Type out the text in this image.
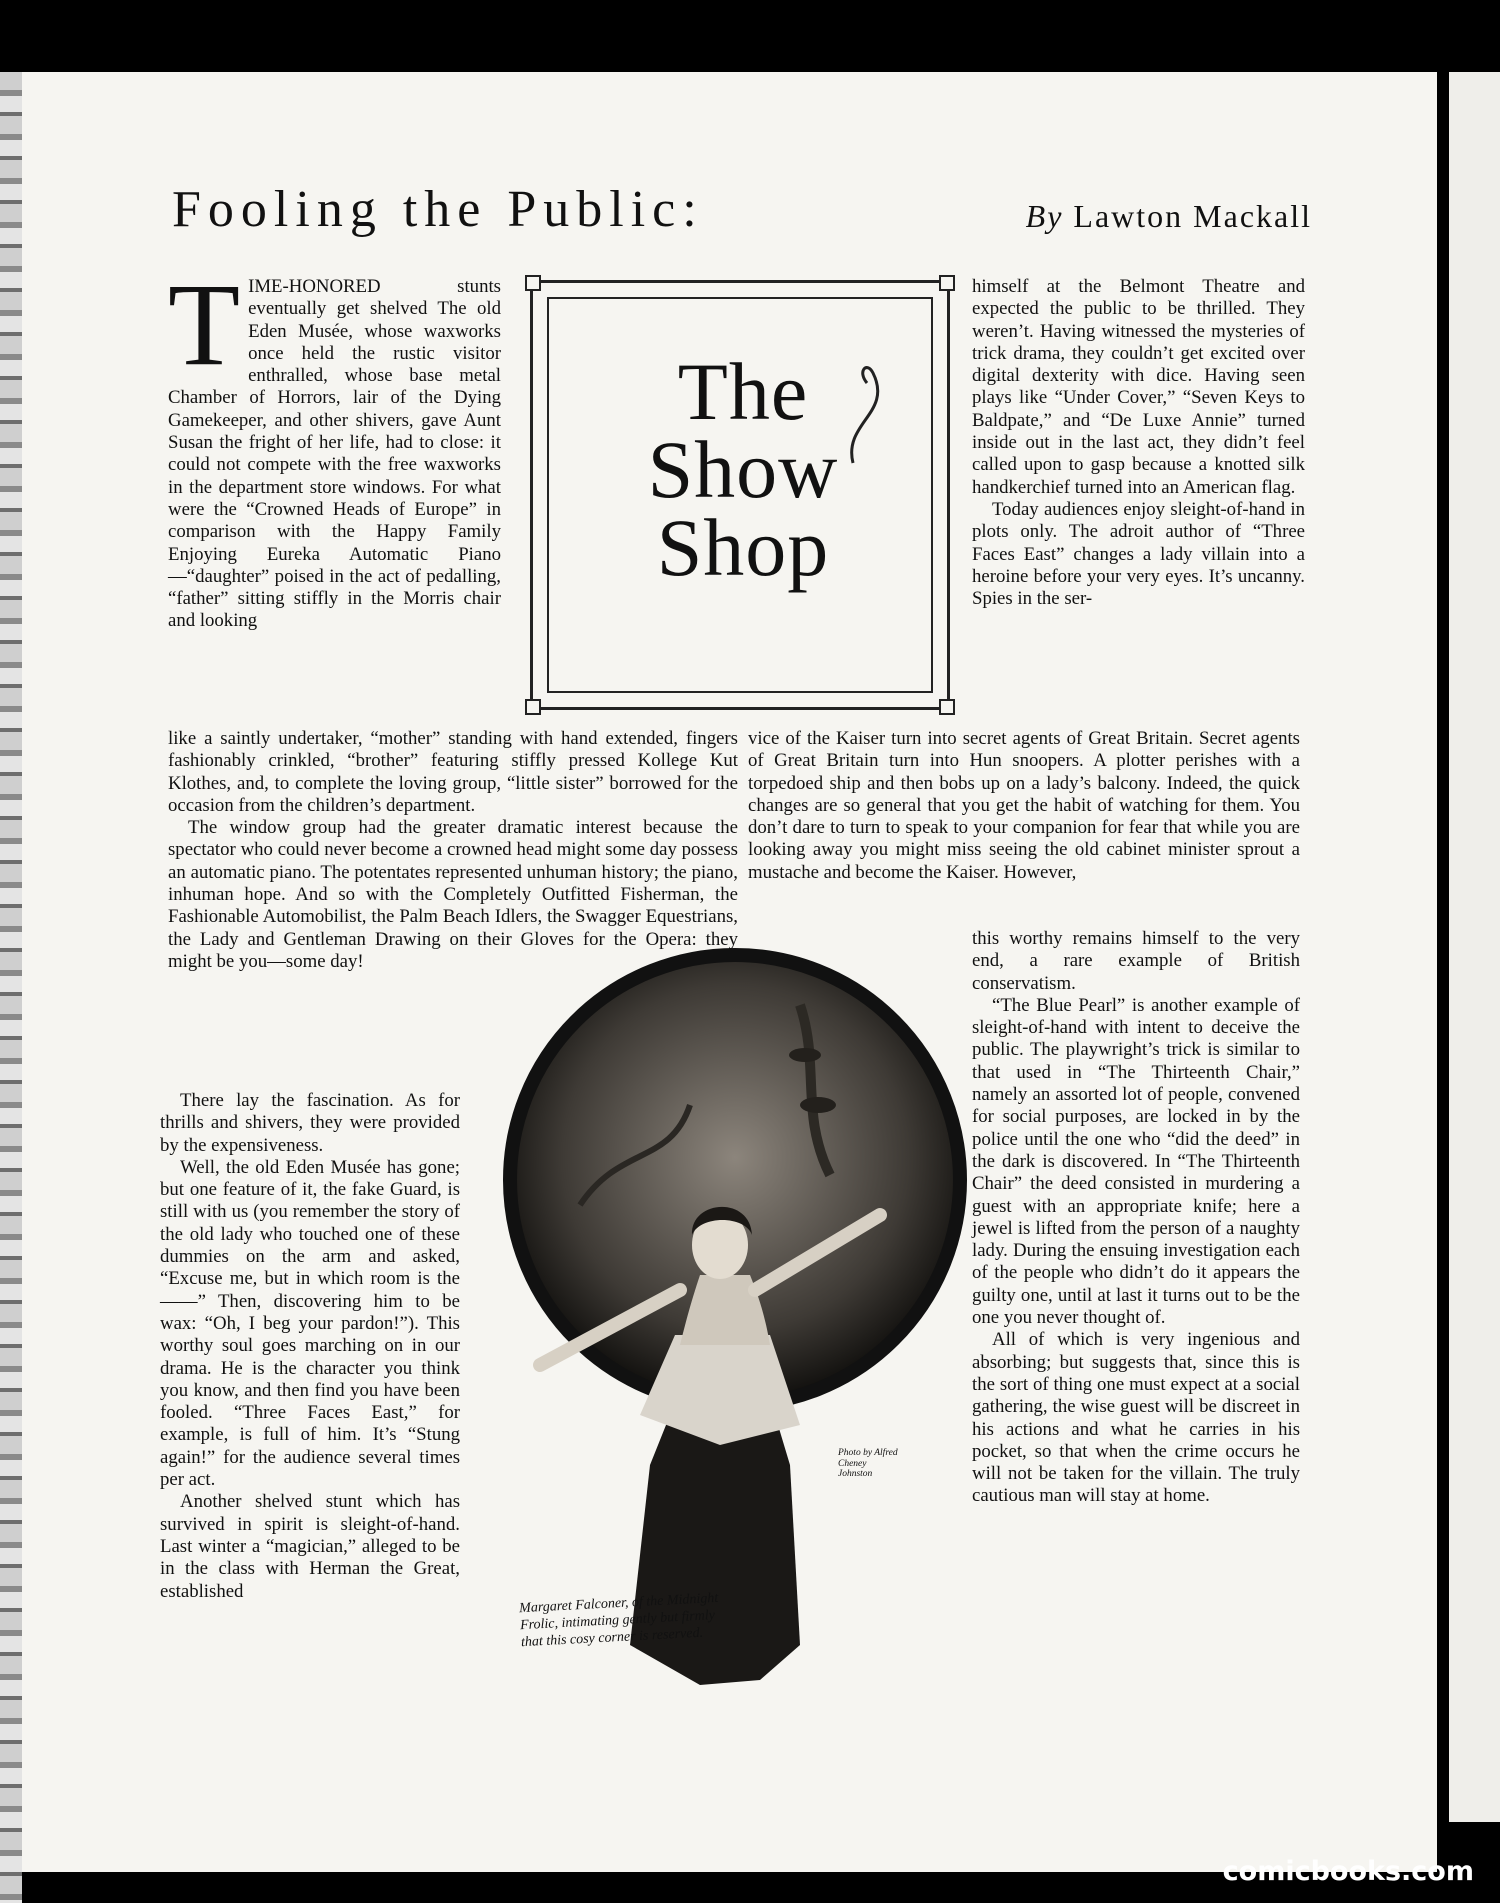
Fooling the Public:	By Lawton Mackall

TIME-HONORED stunts eventually get shelved The old Eden Musée, whose waxworks once held the rustic visitor enthralled, whose base metal Chamber of Horrors, lair of the Dying Gamekeeper, and other shivers, gave Aunt Susan the fright of her life, had to close: it could not compete with the free waxworks in the department store windows. For what were the “Crowned Heads of Europe” in comparison with the Happy Family Enjoying Eureka Automatic Piano—“daughter” poised in the act of pedalling, “father” sitting stiffly in the Morris chair and looking

The
Show
Shop

himself at the Belmont Theatre and expected the public to be thrilled. They weren’t. Having witnessed the mysteries of trick drama, they couldn’t get excited over digital dexterity with dice. Having seen plays like “Under Cover,” “Seven Keys to Baldpate,” and “De Luxe Annie” turned inside out in the last act, they didn’t feel called upon to gasp because a knotted silk handkerchief turned into an American flag.

Today audiences enjoy sleight-of-hand in plots only. The adroit author of “Three Faces East” changes a lady villain into a heroine before your very eyes. It’s uncanny. Spies in the ser-

like a saintly undertaker, “mother” standing with hand extended, fingers fashionably crinkled, “brother” featuring stiffly pressed Kollege Kut Klothes, and, to complete the loving group, “little sister” borrowed for the occasion from the children’s department.

The window group had the greater dramatic interest because the spectator who could never become a crowned head might some day possess an automatic piano. The potentates represented unhuman history; the piano, inhuman hope. And so with the Completely Outfitted Fisherman, the Fashionable Automobilist, the Palm Beach Idlers, the Swagger Equestrians, the Lady and Gentleman Drawing on their Gloves for the Opera: they might be you—some day!

vice of the Kaiser turn into secret agents of Great Britain. Secret agents of Great Britain turn into Hun snoopers. A plotter perishes with a torpedoed ship and then bobs up on a lady’s balcony. Indeed, the quick changes are so general that you get the habit of watching for them. You don’t dare to turn to speak to your companion for fear that while you are looking away you might miss seeing the old cabinet minister sprout a mustache and become the Kaiser. However,

There lay the fascination. As for thrills and shivers, they were provided by the expensiveness.

Well, the old Eden Musée has gone; but one feature of it, the fake Guard, is still with us (you remember the story of the old lady who touched one of these dummies on the arm and asked, “Excuse me, but in which room is the——” Then, discovering him to be wax: “Oh, I beg your pardon!”). This worthy soul goes marching on in our drama. He is the character you think you know, and then find you have been fooled. “Three Faces East,” for example, is full of him. It’s “Stung again!” for the audience several times per act.

Another shelved stunt which has survived in spirit is sleight-of-hand. Last winter a “magician,” alleged to be in the class with Herman the Great, established

this worthy remains himself to the very end, a rare example of British conservatism.

“The Blue Pearl” is another example of sleight-of-hand with intent to deceive the public. The playwright’s trick is similar to that used in “The Thirteenth Chair,” namely an assorted lot of people, convened for social purposes, are locked in by the police until the one who “did the deed” in the dark is discovered. In “The Thirteenth Chair” the deed consisted in murdering a guest with an appropriate knife; here a jewel is lifted from the person of a naughty lady. During the ensuing investigation each of the people who didn’t do it appears the guilty one, until at last it turns out to be the one you never thought of.

All of which is very ingenious and absorbing; but suggests that, since this is the sort of thing one must expect at a social gathering, the wise guest will be discreet in his actions and what he carries in his pocket, so that when the crime occurs he will not be taken for the villain. The truly cautious man will stay at home.

Photo by Alfred Cheney Johnston
Margaret Falconer, of the Midnight Frolic, intimating gently but firmly that this cosy corner is reserved.
comicbooks.com
